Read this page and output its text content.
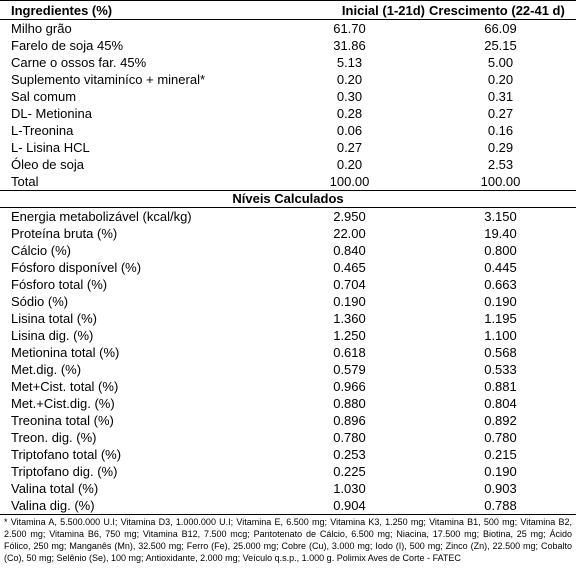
Ingredientes (%)	Inicial (1-21d)	Crescimento (22-41 d)
Milho grão	61.70	66.09
Farelo de soja 45%	31.86	25.15
Carne o ossos far. 45%	5.13	5.00
Suplemento vitaminíco + mineral*	0.20	0.20
Sal comum	0.30	0.31
DL- Metionina	0.28	0.27
L-Treonina	0.06	0.16
L- Lisina HCL	0.27	0.29
Óleo de soja	0.20	2.53
Total	100.00	100.00
Níveis Calculados		
Energia metabolizável (kcal/kg)	2.950	3.150
Proteína bruta (%)	22.00	19.40
Cálcio (%)	0.840	0.800
Fósforo disponível (%)	0.465	0.445
Fósforo total (%)	0.704	0.663
Sódio (%)	0.190	0.190
Lisina total (%)	1.360	1.195
Lisina dig. (%)	1.250	1.100
Metionina total (%)	0.618	0.568
Met.dig. (%)	0.579	0.533
Met+Cist. total (%)	0.966	0.881
Met.+Cist.dig. (%)	0.880	0.804
Treonina total (%)	0.896	0.892
Treon. dig. (%)	0.780	0.780
Triptofano total (%)	0.253	0.215
Triptofano dig. (%)	0.225	0.190
Valina total (%)	1.030	0.903
Valina dig. (%)	0.904	0.788
* Vitamina A, 5.500.000 U.I; Vitamina D3, 1.000.000 U.I; Vitamina E, 6.500 mg; Vitamina K3, 1.250 mg; Vitamina B1, 500 mg; Vitamina B2, 2.500 mg; Vitamina B6, 750 mg; Vitamina B12, 7.500 mcg; Pantotenato de Cálcio, 6.500 mg; Niacina, 17.500 mg; Biotina, 25 mg; Ácido Fólico, 250 mg; Manganês (Mn), 32.500 mg; Ferro (Fe), 25.000 mg; Cobre (Cu), 3.000 mg; Iodo (I), 500 mg; Zinco (Zn), 22.500 mg; Cobalto (Co), 50 mg; Selênio (Se), 100 mg; Antioxidante, 2.000 mg; Veículo q.s.p., 1.000 g. Polimix Aves de Corte - FATEC
